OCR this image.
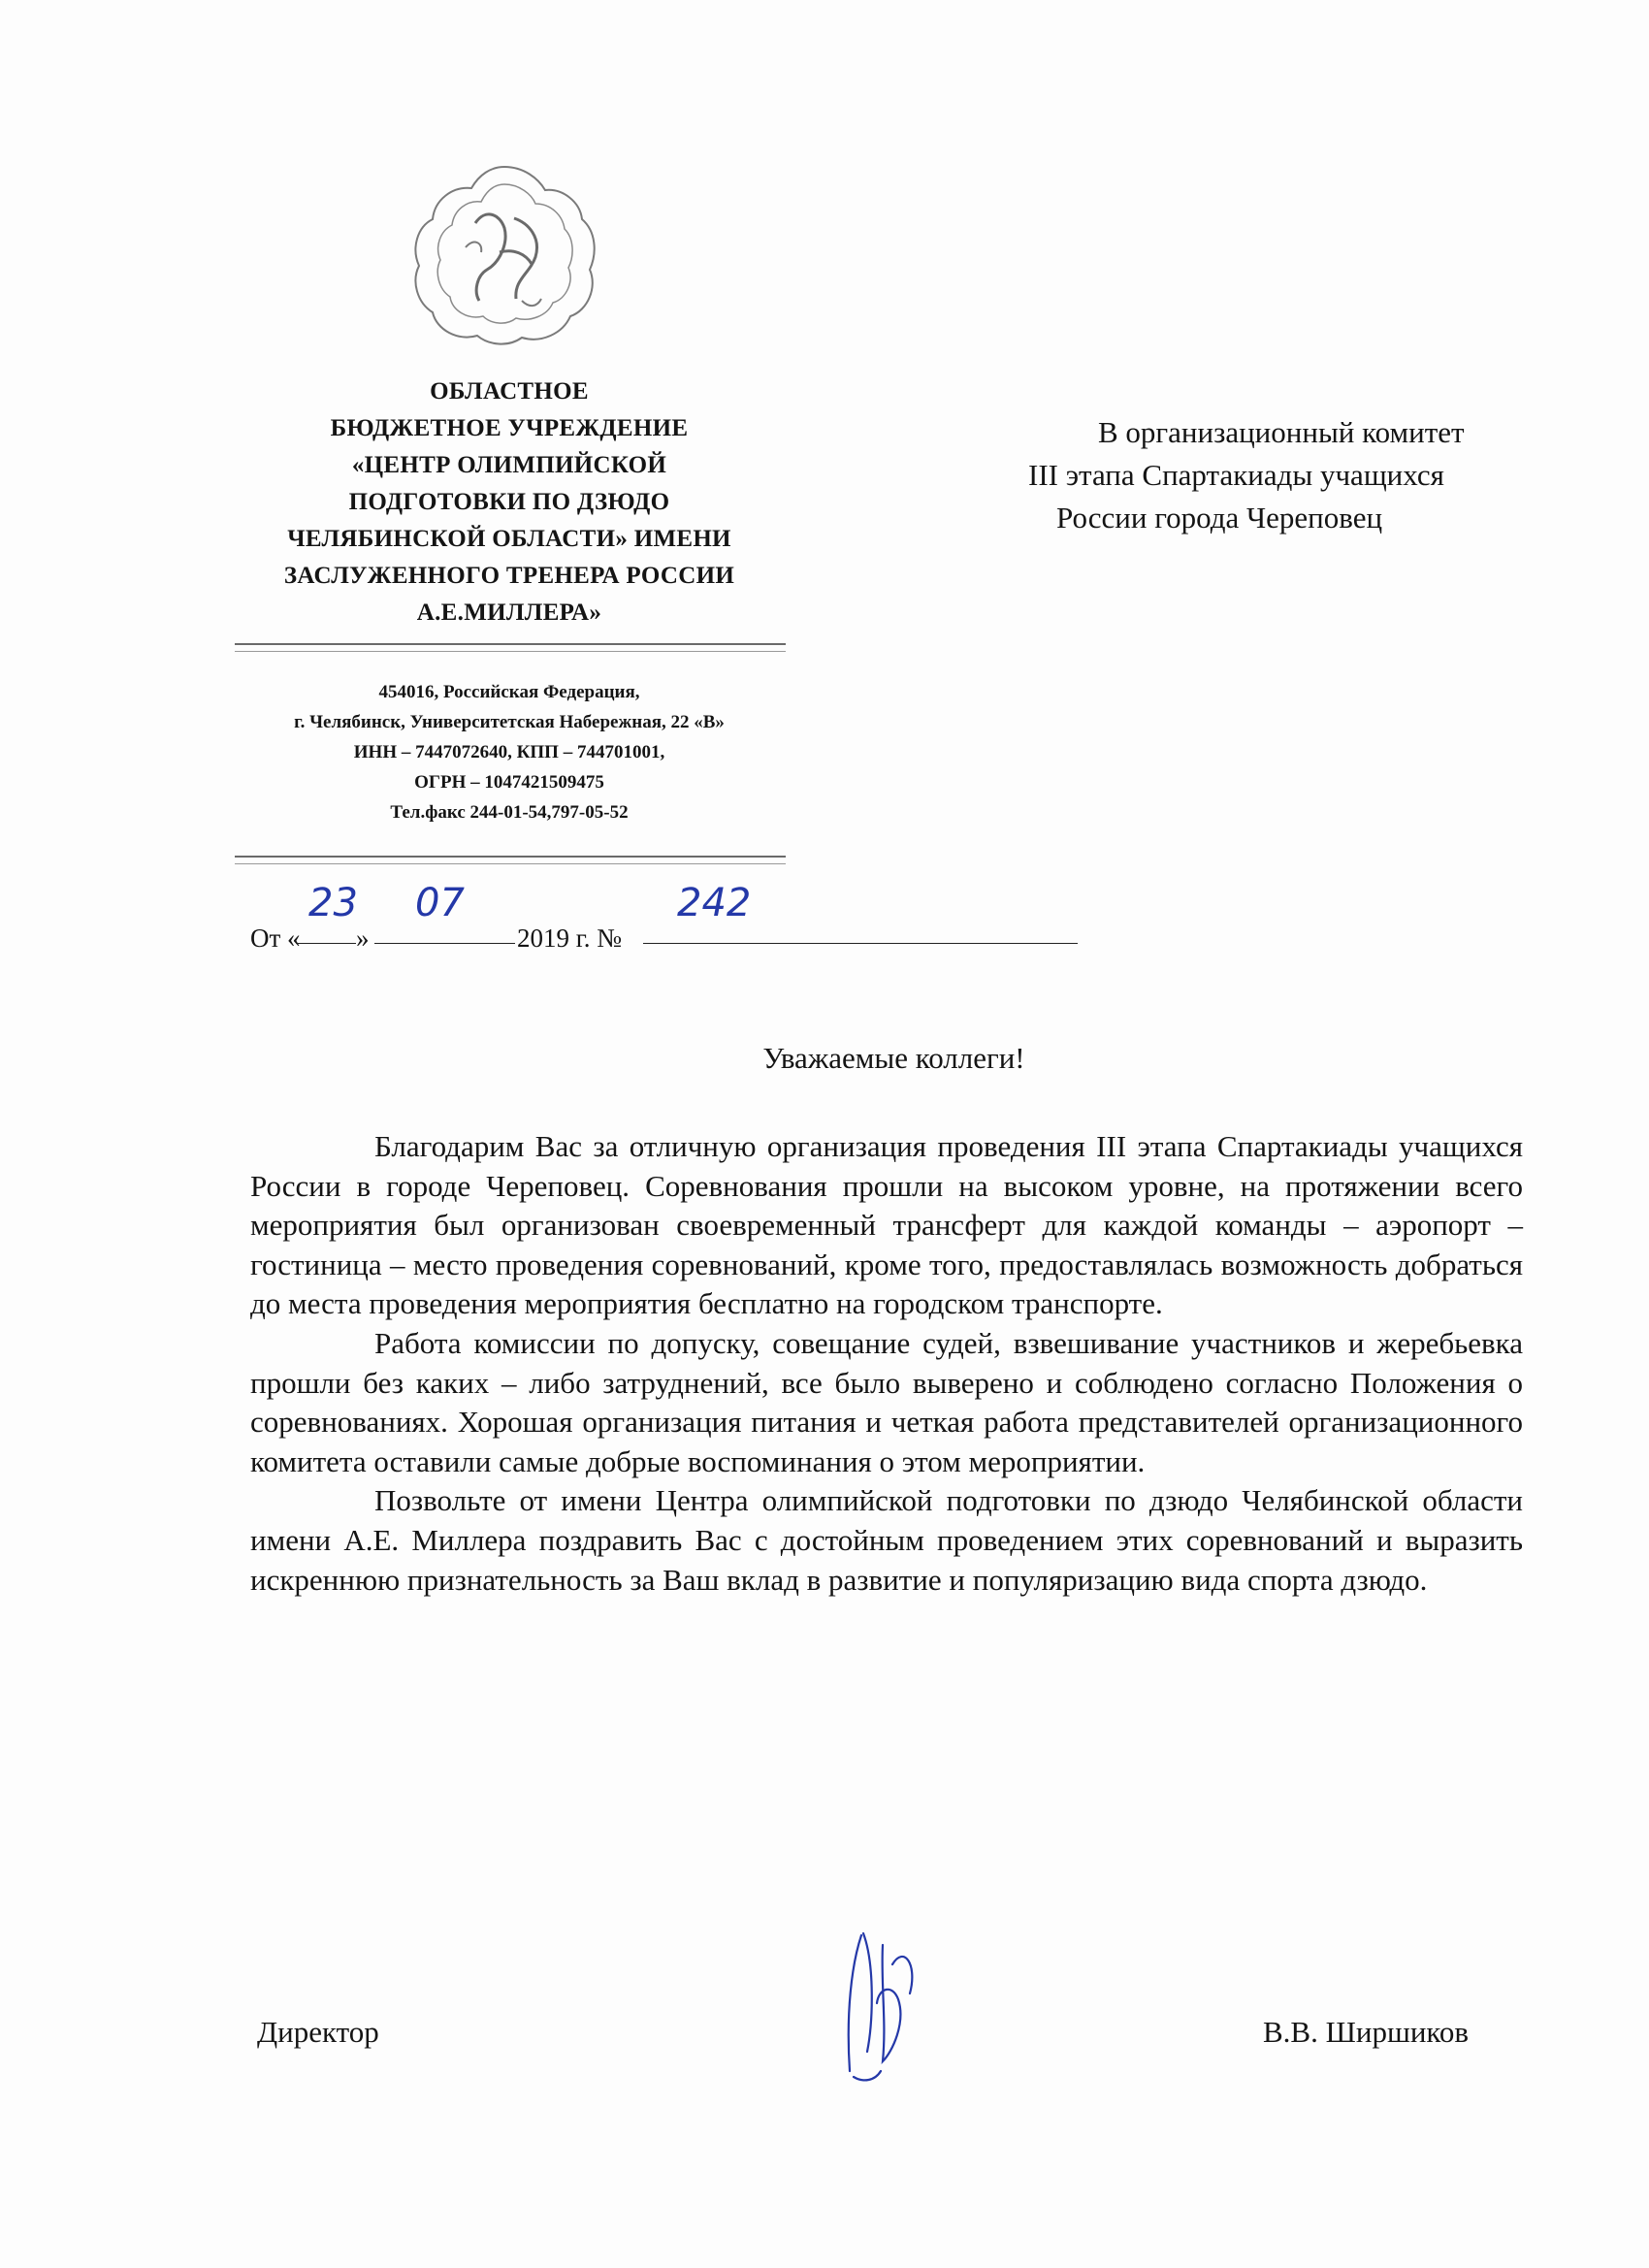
ОБЛАСТНОЕ
БЮДЖЕТНОЕ УЧРЕЖДЕНИЕ
«ЦЕНТР ОЛИМПИЙСКОЙ
ПОДГОТОВКИ ПО ДЗЮДО
ЧЕЛЯБИНСКОЙ ОБЛАСТИ» ИМЕНИ
ЗАСЛУЖЕННОГО ТРЕНЕРА РОССИИ
А.Е.МИЛЛЕРА»
454016, Российская Федерация,
г. Челябинск, Университетская Набережная, 22 «В»
ИНН – 7447072640, КПП – 744701001,
ОГРН – 1047421509475
Тел.факс 244-01-54,797-05-52
В организационный комитет
III этапа Спартакиады учащихся
России города Череповец
От « »	2019 г. №
23 07	242
Уважаемые коллеги!

Благодарим Вас за отличную организация проведения III этапа Спартакиады учащихся России в городе Череповец. Соревнования прошли на высоком уровне, на протяжении всего мероприятия был организован своевременный трансферт для каждой команды – аэропорт – гостиница – место проведения соревнований, кроме того, предоставлялась возможность добраться до места проведения мероприятия бесплатно на городском транспорте.

Работа комиссии по допуску, совещание судей, взвешивание участников и жеребьевка прошли без каких – либо затруднений, все было выверено и соблюдено согласно Положения о соревнованиях. Хорошая организация питания и четкая работа представителей организационного комитета оставили самые добрые воспоминания о этом мероприятии.

Позвольте от имени Центра олимпийской подготовки по дзюдо Челябинской области имени А.Е. Миллера поздравить Вас с достойным проведением этих соревнований и выразить искреннюю признательность за Ваш вклад в развитие и популяризацию вида спорта дзюдо.

Директор	В.В. Ширшиков
